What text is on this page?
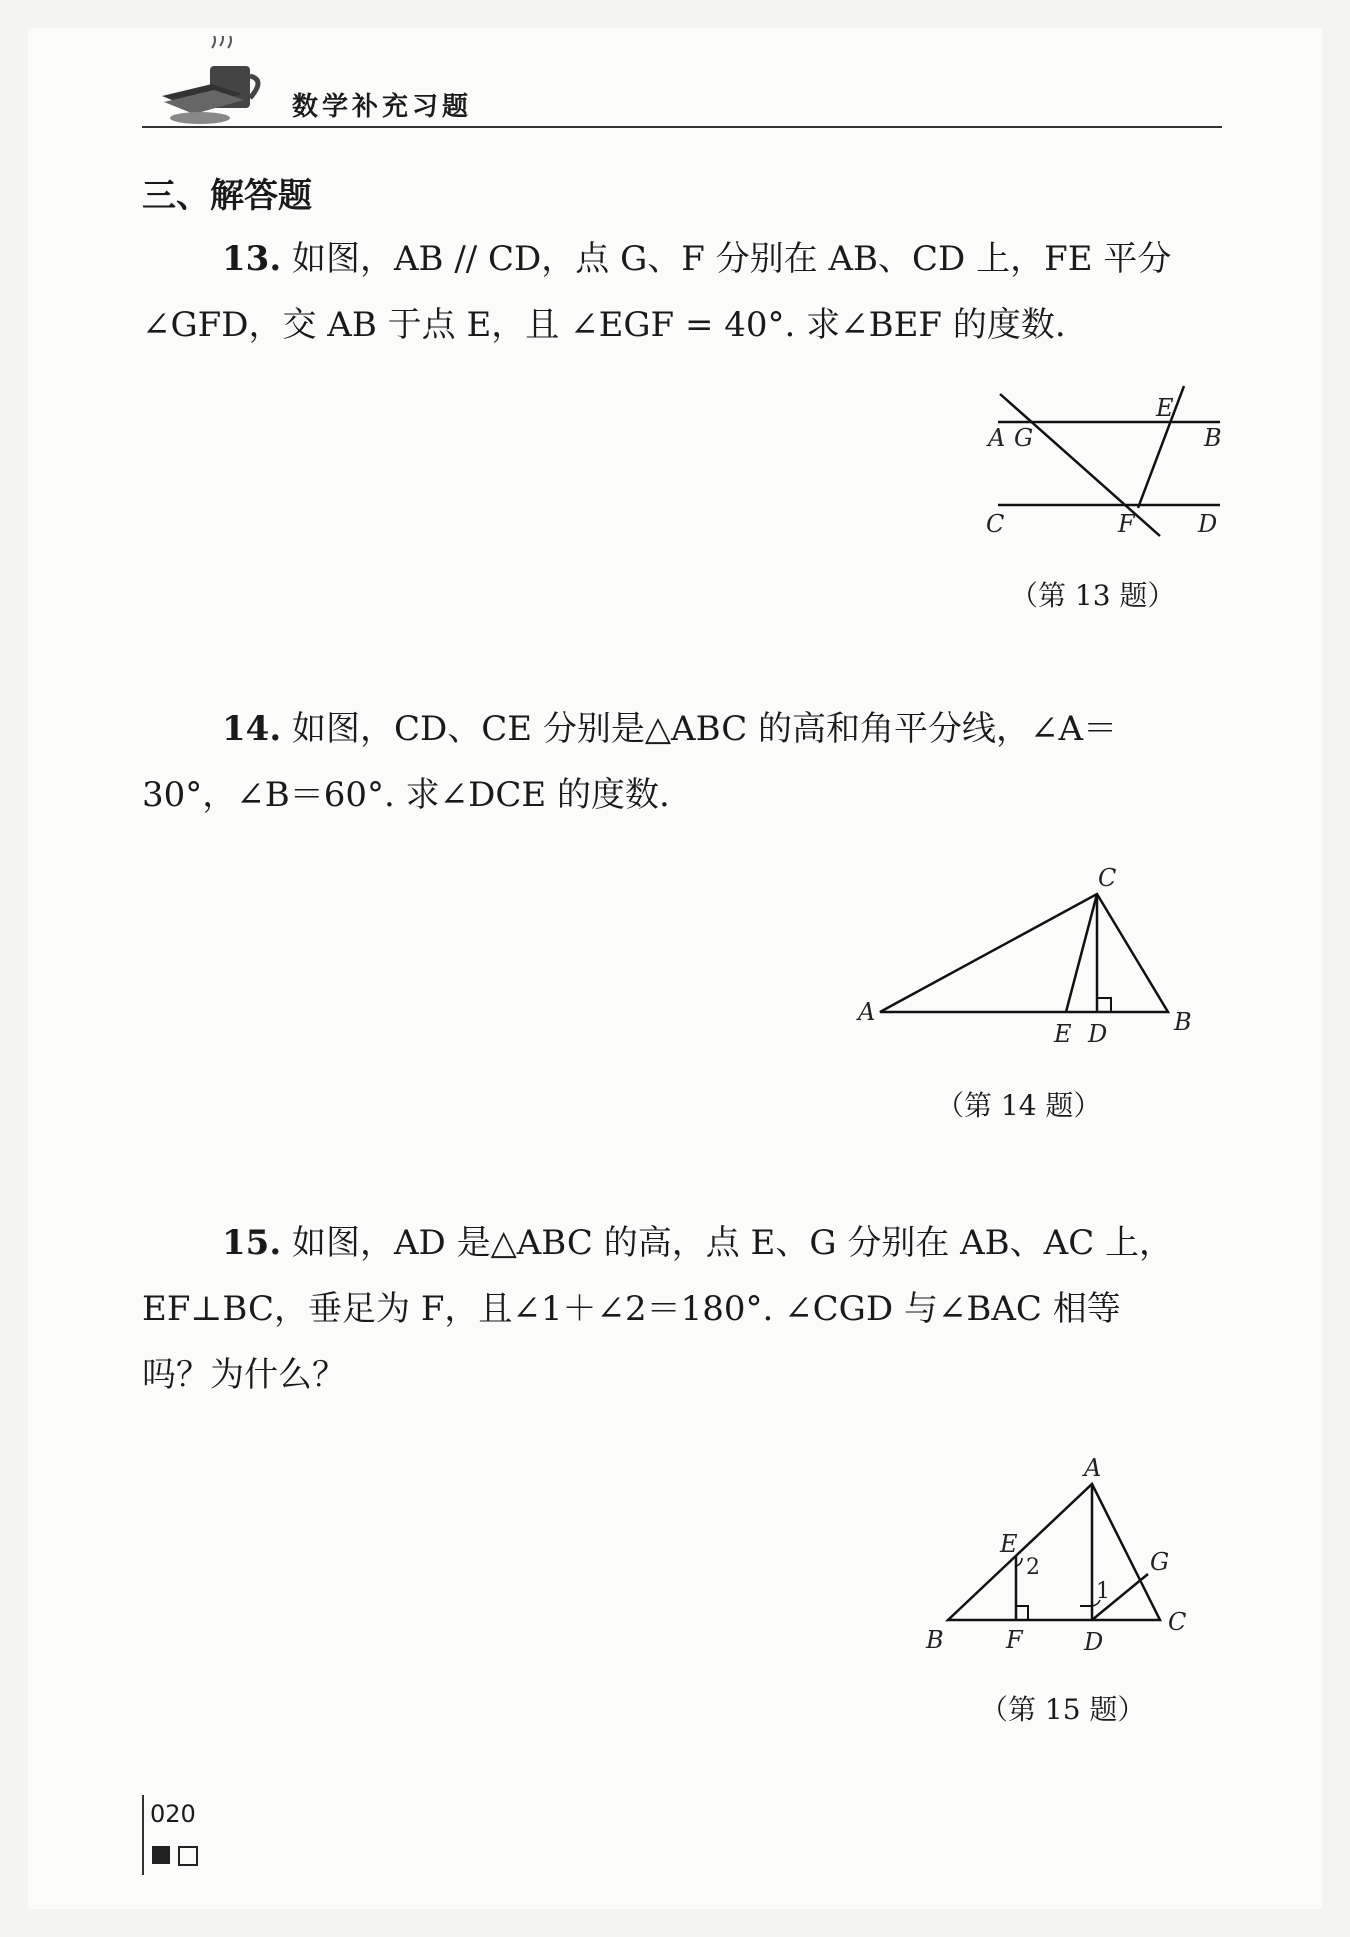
数学补充习题
三、解答题

13. 如图，AB // CD，点 G、F 分别在 AB、CD 上，FE 平分

∠GFD，交 AB 于点 E，且 ∠EGF = 40°. 求∠BEF 的度数.
A G
E
B
C	F	D
（第 13 题）

14. 如图，CD、CE 分别是△ABC 的高和角平分线，∠A＝

30°，∠B＝60°. 求∠DCE 的度数.
A
C
E D	B
（第 14 题）

15. 如图，AD 是△ABC 的高，点 E、G 分别在 AB、AC 上，

EF⊥BC，垂足为 F，且∠1＋∠2＝180°. ∠CGD 与∠BAC 相等
吗？为什么？
A
E
2
1
G
B	F	D
C
（第 15 题）
020
